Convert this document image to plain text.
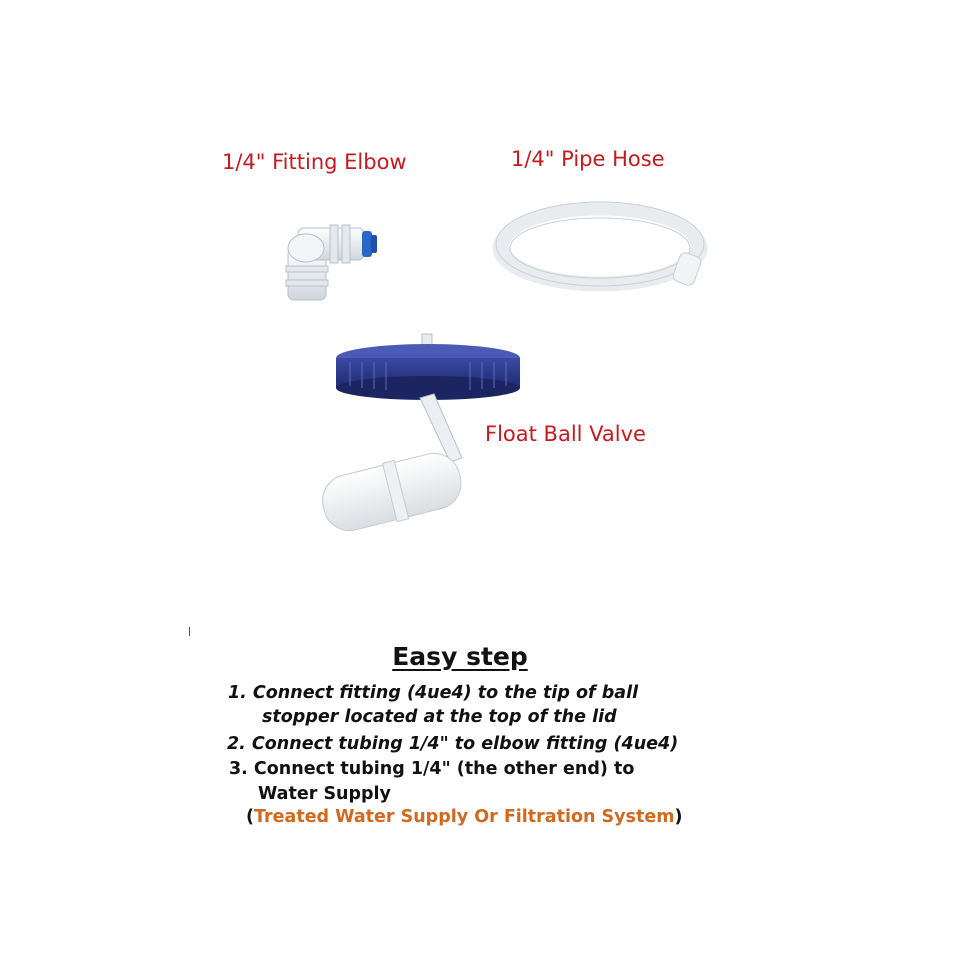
1/4" Fitting Elbow	1/4" Pipe Hose
Float Ball Valve
Easy step
1. Connect fitting (4ue4) to the tip of ball
stopper located at the top of the lid
2. Connect tubing 1/4" to elbow fitting (4ue4)
3. Connect tubing 1/4" (the other end) to
Water Supply
(Treated Water Supply Or Filtration System)
